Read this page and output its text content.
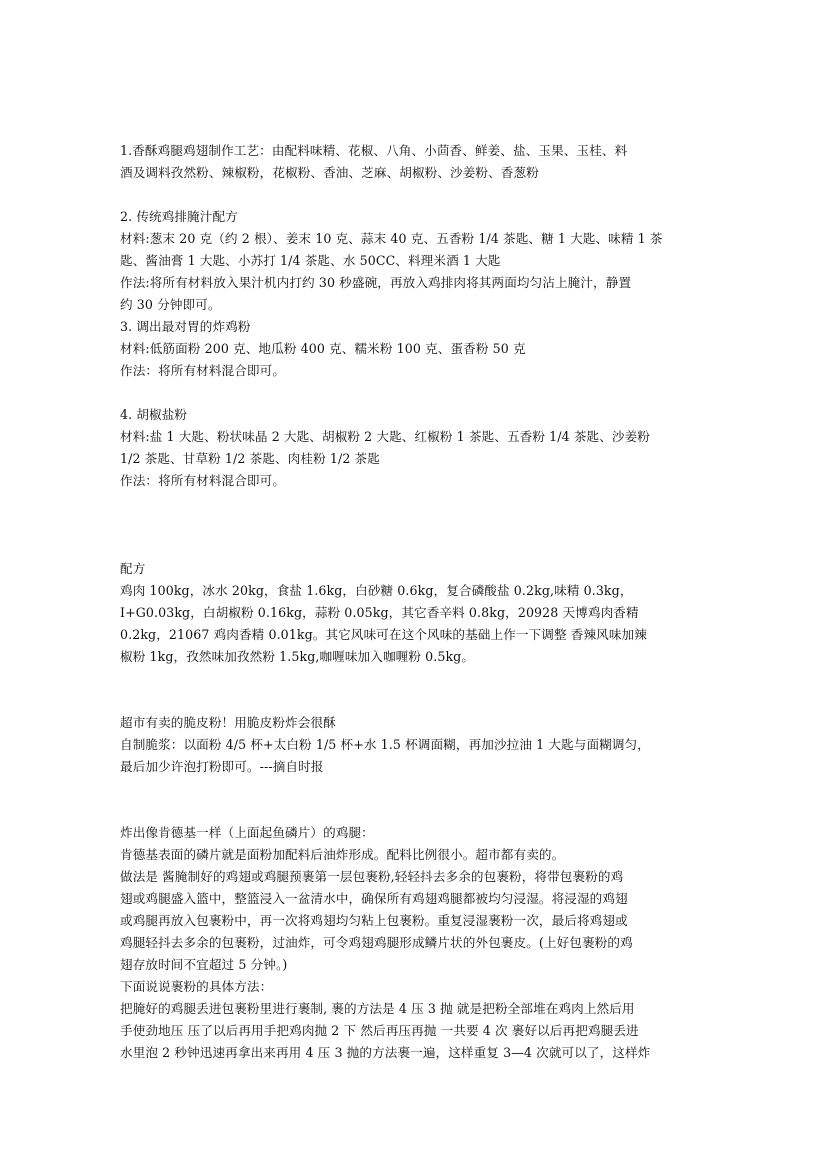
1.香酥鸡腿鸡翅制作工艺：由配料味精、花椒、八角、小茴香、鲜姜、盐、玉果、玉桂、料
酒及调料孜然粉、辣椒粉，花椒粉、香油、芝麻、胡椒粉、沙姜粉、香葱粉
2. 传统鸡排腌汁配方
材料:葱末 20 克（约 2 根）、姜末 10 克、蒜末 40 克、五香粉 1/4 茶匙、糖 1 大匙、味精 1 茶
匙、酱油膏 1 大匙、小苏打 1/4 茶匙、水 50CC、料理米酒 1 大匙
作法:将所有材料放入果汁机内打约 30 秒盛碗，再放入鸡排肉将其两面均匀沾上腌汁，静置
约 30 分钟即可。
3. 调出最对胃的炸鸡粉
材料:低筋面粉 200 克、地瓜粉 400 克、糯米粉 100 克、蛋香粉 50 克
作法：将所有材料混合即可。
4. 胡椒盐粉
材料:盐 1 大匙、粉状味晶 2 大匙、胡椒粉 2 大匙、红椒粉 1 茶匙、五香粉 1/4 茶匙、沙姜粉
1/2 茶匙、甘草粉 1/2 茶匙、肉桂粉 1/2 茶匙
作法：将所有材料混合即可。
配方
鸡肉 100kg，冰水 20kg，食盐 1.6kg，白砂糖 0.6kg，复合磷酸盐 0.2kg,味精 0.3kg，
I+G0.03kg，白胡椒粉 0.16kg，蒜粉 0.05kg，其它香辛料 0.8kg，20928 天博鸡肉香精
0.2kg，21067 鸡肉香精 0.01kg。其它风味可在这个风味的基础上作一下调整 香辣风味加辣
椒粉 1kg，孜然味加孜然粉 1.5kg,咖喱味加入咖喱粉 0.5kg。
超市有卖的脆皮粉！用脆皮粉炸会很酥
自制脆浆：以面粉 4/5 杯+太白粉 1/5 杯+水 1.5 杯调面糊，再加沙拉油 1 大匙与面糊调匀，
最后加少许泡打粉即可。---摘自时报
炸出像肯德基一样（上面起鱼磷片）的鸡腿：
肯德基表面的磷片就是面粉加配料后油炸形成。配料比例很小。超市都有卖的。
做法是 酱腌制好的鸡翅或鸡腿预裹第一层包裹粉,轻轻抖去多余的包裹粉，将带包裹粉的鸡
翅或鸡腿盛入篮中，整篮浸入一盆清水中，确保所有鸡翅鸡腿都被均匀浸湿。将浸湿的鸡翅
或鸡腿再放入包裹粉中，再一次将鸡翅均匀粘上包裹粉。重复浸湿裹粉一次，最后将鸡翅或
鸡腿轻抖去多余的包裹粉，过油炸，可令鸡翅鸡腿形成鳞片状的外包裹皮。(上好包裹粉的鸡
翅存放时间不宜超过 5 分钟。)
下面说说裹粉的具体方法：
把腌好的鸡腿丢进包裹粉里进行裹制, 裹的方法是 4 压 3 抛 就是把粉全部堆在鸡肉上然后用
手使劲地压 压了以后再用手把鸡肉抛 2 下 然后再压再抛 一共要 4 次 裹好以后再把鸡腿丢进
水里泡 2 秒钟迅速再拿出来再用 4 压 3 抛的方法裹一遍，这样重复 3—4 次就可以了，这样炸
